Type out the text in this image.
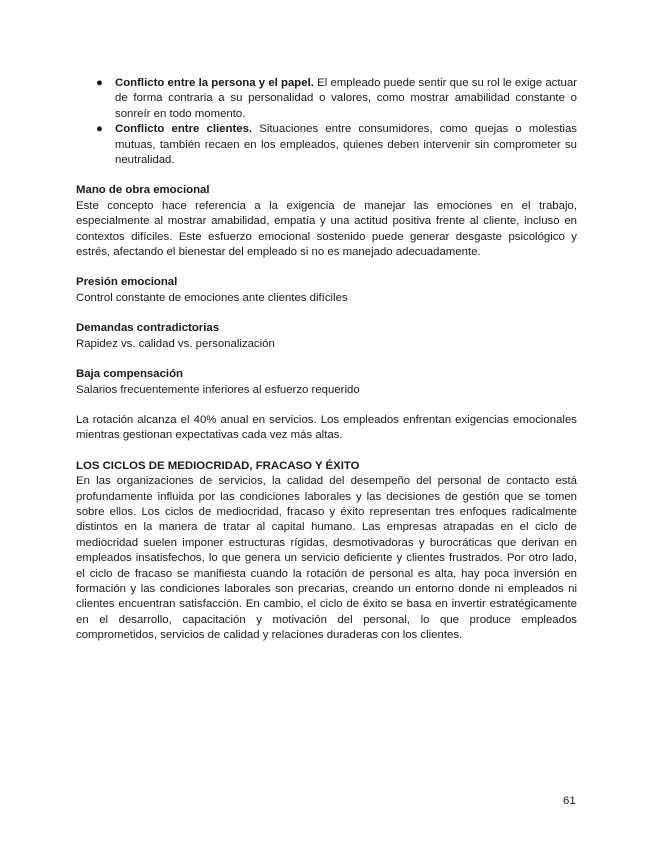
● Conflicto entre la persona y el papel. El empleado puede sentir que su rol le exige actuar de forma contraria a su personalidad o valores, como mostrar amabilidad constante o sonreír en todo momento.
● Conflicto entre clientes. Situaciones entre consumidores, como quejas o molestias mutuas, también recaen en los empleados, quienes deben intervenir sin comprometer su neutralidad.
Mano de obra emocional

Este concepto hace referencia a la exigencia de manejar las emociones en el trabajo, especialmente al mostrar amabilidad, empatía y una actitud positiva frente al cliente, incluso en contextos difíciles. Este esfuerzo emocional sostenido puede generar desgaste psicológico y estrés, afectando el bienestar del empleado si no es manejado adecuadamente.

Presión emocional

Control constante de emociones ante clientes difíciles

Demandas contradictorias

Rapidez vs. calidad vs. personalización

Baja compensación

Salarios frecuentemente inferiores al esfuerzo requerido

La rotación alcanza el 40% anual en servicios. Los empleados enfrentan exigencias emocionales mientras gestionan expectativas cada vez más altas.

LOS CICLOS DE MEDIOCRIDAD, FRACASO Y ÉXITO

En las organizaciones de servicios, la calidad del desempeño del personal de contacto está profundamente influida por las condiciones laborales y las decisiones de gestión que se tomen sobre ellos. Los ciclos de mediocridad, fracaso y éxito representan tres enfoques radicalmente distintos en la manera de tratar al capital humano. Las empresas atrapadas en el ciclo de mediocridad suelen imponer estructuras rígidas, desmotivadoras y burocráticas que derivan en empleados insatisfechos, lo que genera un servicio deficiente y clientes frustrados. Por otro lado, el ciclo de fracaso se manifiesta cuando la rotación de personal es alta, hay poca inversión en formación y las condiciones laborales son precarias, creando un entorno donde ni empleados ni clientes encuentran satisfacción. En cambio, el ciclo de éxito se basa en invertir estratégicamente en el desarrollo, capacitación y motivación del personal, lo que produce empleados comprometidos, servicios de calidad y relaciones duraderas con los clientes.

61
